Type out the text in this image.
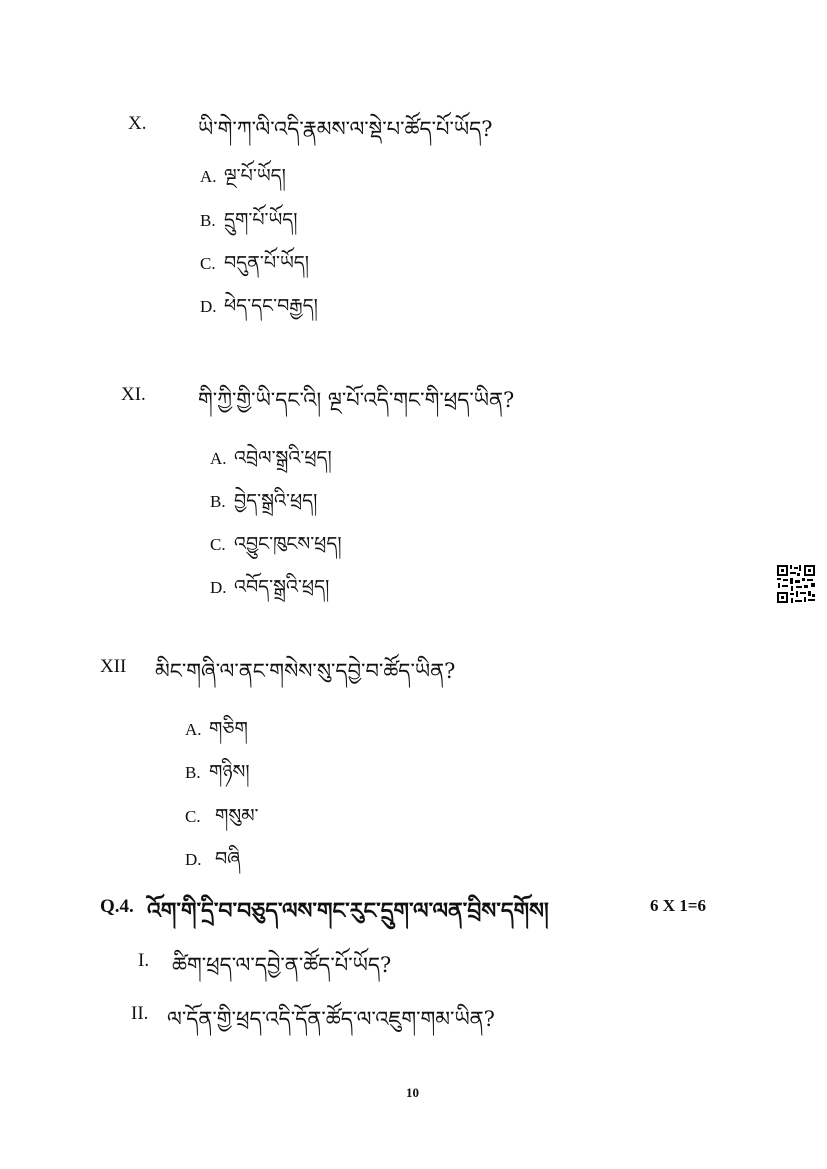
X. ཡི་གེ་ཀ་ལི་འདི་རྣམས་ལ་སྡེ་པ་ཚོད་པོ་ཡོད?
A. ལྔ་པོ་ཡོད།
B. དྲུག་པོ་ཡོད།
C. བདུན་པོ་ཡོད།
D. ཕེད་དང་བརྒྱད།
XI. གི་ཀྱི་གྱི་ཡི་དང་འི། ལྔ་པོ་འདི་གང་གི་ཕྲད་ཡིན?
A. འབྲེལ་སྒྲའི་ཕྲད།
B. བྱེད་སྒྲའི་ཕྲད།
C. འབྱུང་ཁུངས་ཕྲད།
D. འབོད་སྒྲའི་ཕྲད།
XII མིང་གཞི་ལ་ནང་གསེས་སུ་དབྱེ་བ་ཚོད་ཡིན?
A. གཅིག
B. གཉིས།
C. གསུམ་
D. བཞི
Q.4. འོག་གི་དྲི་བ་བཅུད་ལས་གང་རུང་དྲུག་ལ་ལན་བྲིས་དགོས།	6 X 1=6
I. ཚིག་ཕྲད་ལ་དབྱེ་ན་ཚོད་པོ་ཡོད?
II. ལ་དོན་གྱི་ཕྲད་འདི་དོན་ཚོད་ལ་འཇུག་གམ་ཡིན?
10
